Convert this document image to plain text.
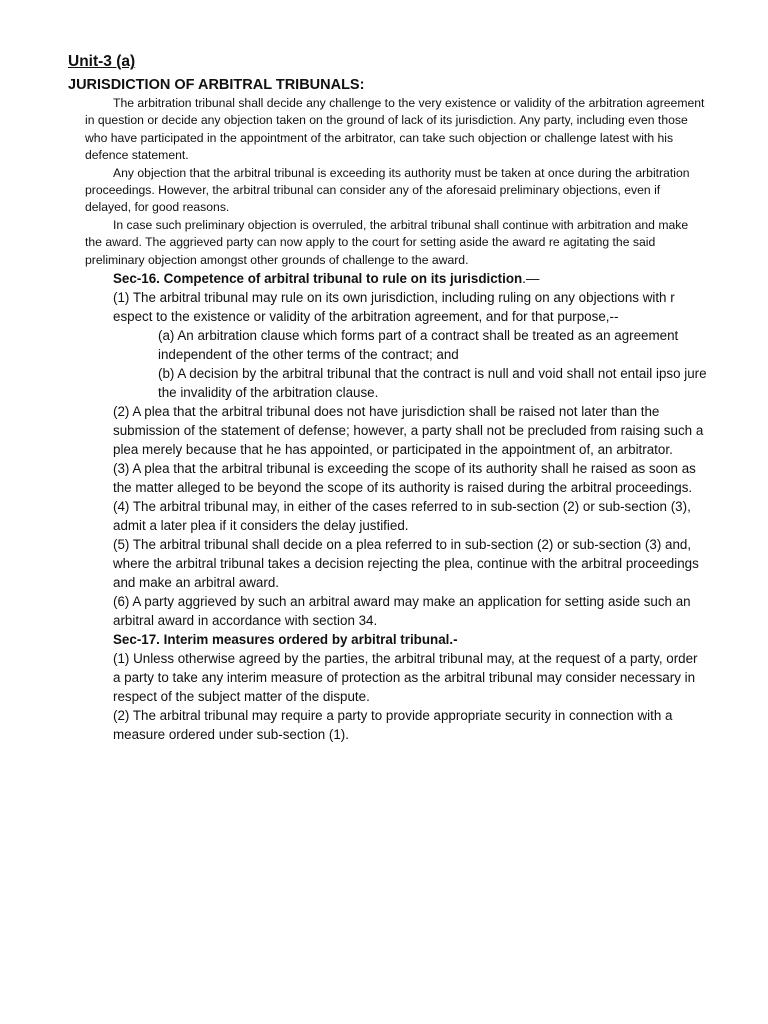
Unit-3 (a)
JURISDICTION OF ARBITRAL TRIBUNALS:

The arbitration tribunal shall decide any challenge to the very existence or validity of the arbitration agreement in question or decide any objection taken on the ground of lack of its jurisdiction. Any party, including even those who have participated in the appointment of the arbitrator, can take such objection or challenge latest with his defence statement.

Any objection that the arbitral tribunal is exceeding its authority must be taken at once during the arbitration proceedings. However, the arbitral tribunal can consider any of the aforesaid preliminary objections, even if delayed, for good reasons.

In case such preliminary objection is overruled, the arbitral tribunal shall continue with arbitration and make the award. The aggrieved party can now apply to the court for setting aside the award re agitating the said preliminary objection amongst other grounds of challenge to the award.

Sec-16. Competence of arbitral tribunal to rule on its jurisdiction.—

(1) The arbitral tribunal may rule on its own jurisdiction, including ruling on any objections with r espect to the existence or validity of the arbitration agreement, and for that purpose,--

(a) An arbitration clause which forms part of a contract shall be treated as an agreement independent of the other terms of the contract; and

(b) A decision by the arbitral tribunal that the contract is null and void shall not entail ipso jure the invalidity of the arbitration clause.

(2) A plea that the arbitral tribunal does not have jurisdiction shall be raised not later than the submission of the statement of defense; however, a party shall not be precluded from raising such a plea merely because that he has appointed, or participated in the appointment of, an arbitrator.

(3) A plea that the arbitral tribunal is exceeding the scope of its authority shall he raised as soon as the matter alleged to be beyond the scope of its authority is raised during the arbitral proceedings.

(4) The arbitral tribunal may, in either of the cases referred to in sub-section (2) or sub-section (3), admit a later plea if it considers the delay justified.

(5) The arbitral tribunal shall decide on a plea referred to in sub-section (2) or sub-section (3) and, where the arbitral tribunal takes a decision rejecting the plea, continue with the arbitral proceedings and make an arbitral award.

(6) A party aggrieved by such an arbitral award may make an application for setting aside such an arbitral award in accordance with section 34.

Sec-17. Interim measures ordered by arbitral tribunal.-

(1) Unless otherwise agreed by the parties, the arbitral tribunal may, at the request of a party, order a party to take any interim measure of protection as the arbitral tribunal may consider necessary in respect of the subject matter of the dispute.

(2) The arbitral tribunal may require a party to provide appropriate security in connection with a measure ordered under sub-section (1).
